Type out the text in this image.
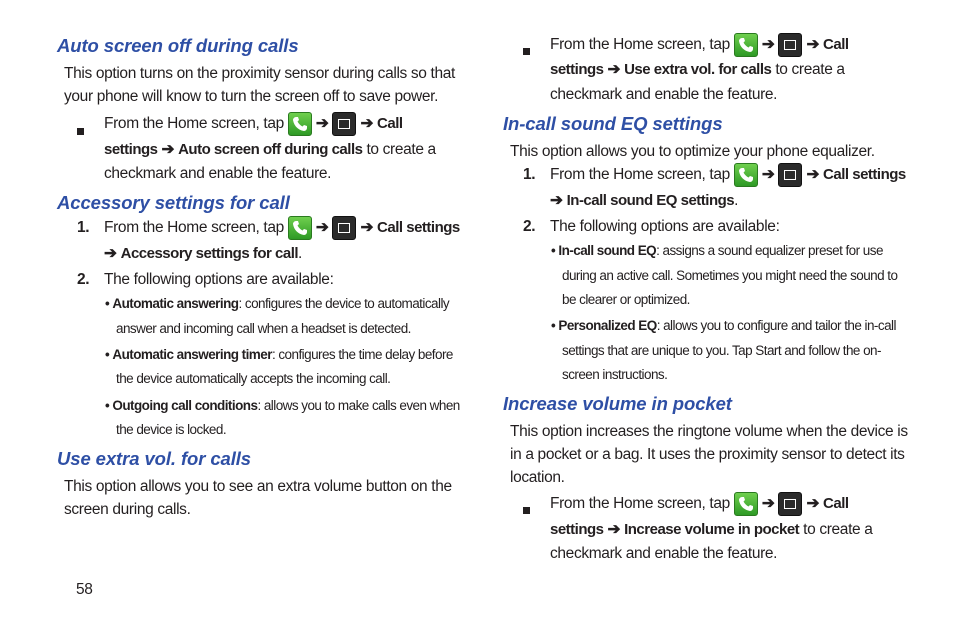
Auto screen off during calls
This option turns on the proximity sensor during calls so that
your phone will know to turn the screen off to save power.
From the Home screen, tap ➔ ➔ Call
settings ➔ Auto screen off during calls to create a
checkmark and enable the feature.
Accessory settings for call
1. From the Home screen, tap ➔ ➔ Call settings
➔ Accessory settings for call.
2. The following options are available:
• Automatic answering: configures the device to automatically
answer and incoming call when a headset is detected.
• Automatic answering timer: configures the time delay before
the device automatically accepts the incoming call.
• Outgoing call conditions: allows you to make calls even when
the device is locked.
Use extra vol. for calls
This option allows you to see an extra volume button on the
screen during calls.
58
From the Home screen, tap ➔ ➔ Call
settings ➔ Use extra vol. for calls to create a
checkmark and enable the feature.
In-call sound EQ settings
This option allows you to optimize your phone equalizer.
1. From the Home screen, tap ➔ ➔ Call settings
➔ In-call sound EQ settings.
2. The following options are available:
• In-call sound EQ: assigns a sound equalizer preset for use
during an active call. Sometimes you might need the sound to
be clearer or optimized.
• Personalized EQ: allows you to configure and tailor the in-call
settings that are unique to you. Tap Start and follow the on-
screen instructions.
Increase volume in pocket
This option increases the ringtone volume when the device is
in a pocket or a bag. It uses the proximity sensor to detect its
location.
From the Home screen, tap ➔ ➔ Call
settings ➔ Increase volume in pocket to create a
checkmark and enable the feature.
